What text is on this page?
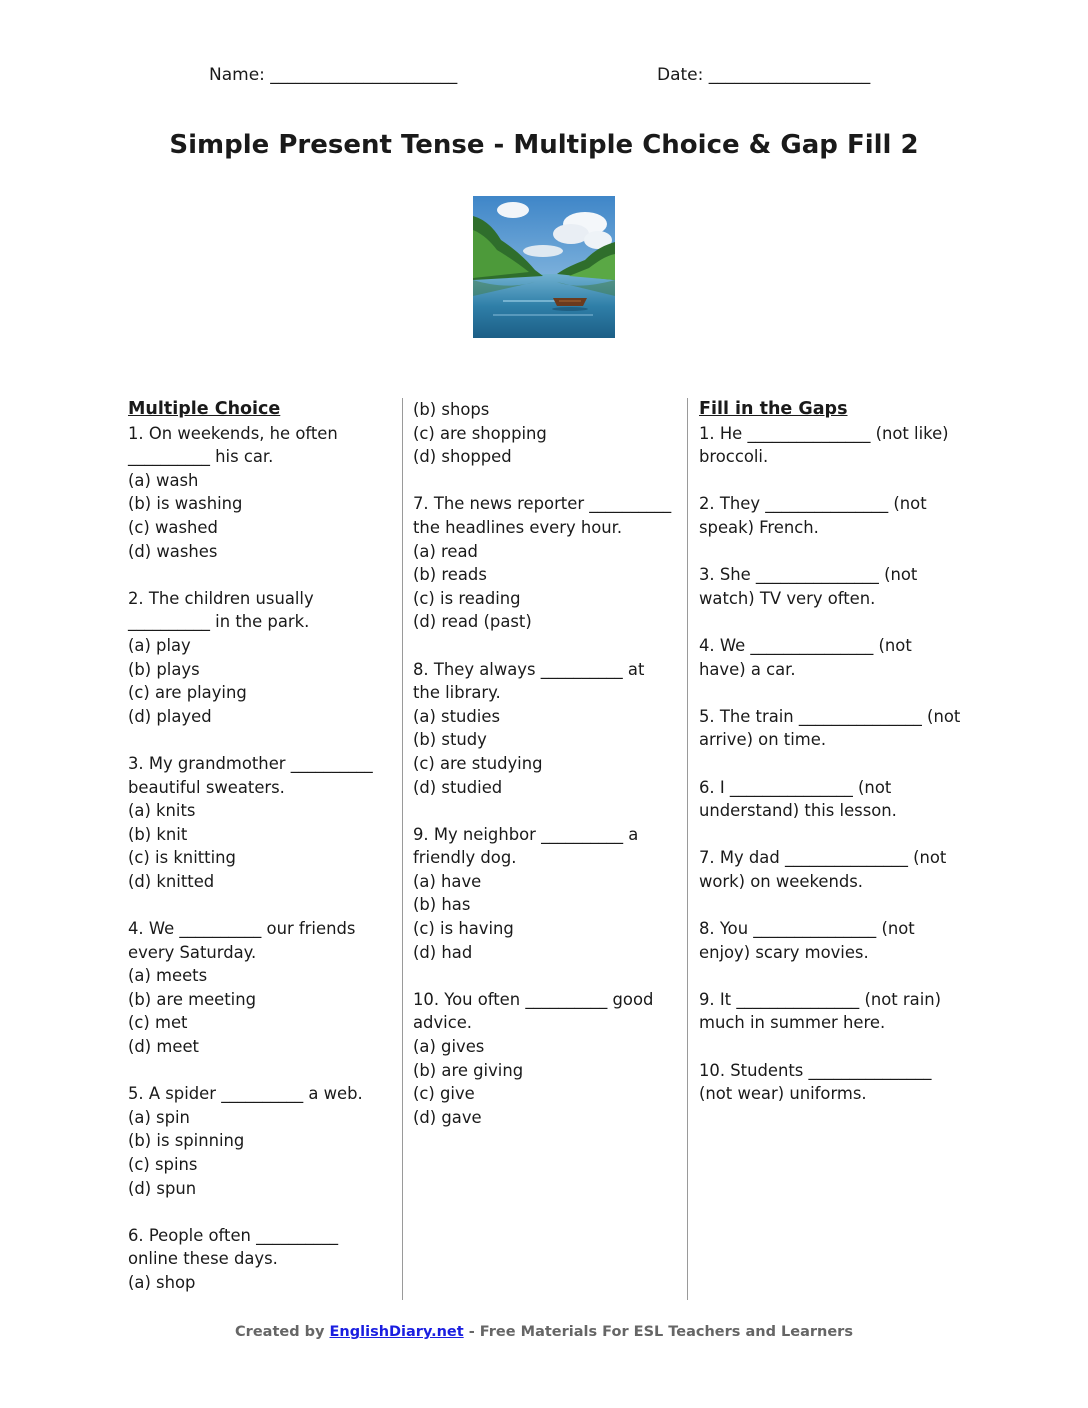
Name: ______________________	Date: ___________________
Simple Present Tense - Multiple Choice & Gap Fill 2
Multiple Choice
1. On weekends, he often __________ his car.
(a) wash
(b) is washing
(c) washed
(d) washes
2. The children usually __________ in the park.
(a) play
(b) plays
(c) are playing
(d) played
3. My grandmother __________ beautiful sweaters.
(a) knits
(b) knit
(c) is knitting
(d) knitted
4. We __________ our friends every Saturday.
(a) meets
(b) are meeting
(c) met
(d) meet
5. A spider __________ a web.
(a) spin
(b) is spinning
(c) spins
(d) spun
6. People often __________ online these days.
(a) shop
(b) shops
(c) are shopping
(d) shopped
7. The news reporter __________ the headlines every hour.
(a) read
(b) reads
(c) is reading
(d) read (past)
8. They always __________ at the library.
(a) studies
(b) study
(c) are studying
(d) studied
9. My neighbor __________ a friendly dog.
(a) have
(b) has
(c) is having
(d) had
10. You often __________ good advice.
(a) gives
(b) are giving
(c) give
(d) gave
Fill in the Gaps
1. He _______________ (not like) broccoli.
2. They _______________ (not speak) French.
3. She _______________ (not watch) TV very often.
4. We _______________ (not have) a car.
5. The train _______________ (not arrive) on time.
6. I _______________ (not understand) this lesson.
7. My dad _______________ (not work) on weekends.
8. You _______________ (not enjoy) scary movies.
9. It _______________ (not rain) much in summer here.
10. Students _______________ (not wear) uniforms.
Created by EnglishDiary.net - Free Materials For ESL Teachers and Learners
